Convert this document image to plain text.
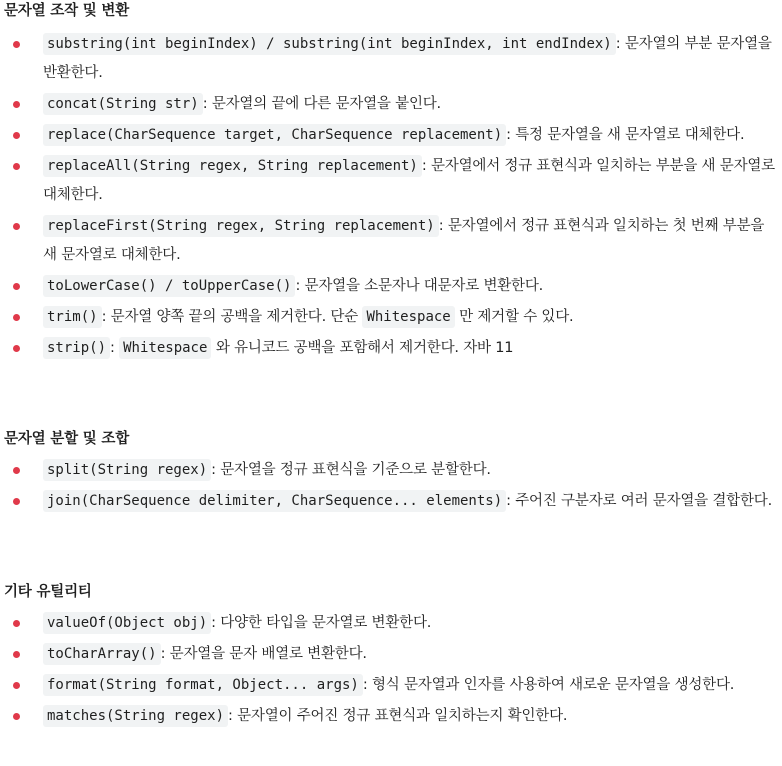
문자열 조작 및 변환
substring(int beginIndex) / substring(int beginIndex, int endIndex) : 문자열의 부분 문자열을 반환한다.
concat(String str) : 문자열의 끝에 다른 문자열을 붙인다.
replace(CharSequence target, CharSequence replacement) : 특정 문자열을 새 문자열로 대체한다.
replaceAll(String regex, String replacement) : 문자열에서 정규 표현식과 일치하는 부분을 새 문자열로 대체한다.
replaceFirst(String regex, String replacement) : 문자열에서 정규 표현식과 일치하는 첫 번째 부분을 새 문자열로 대체한다.
toLowerCase() / toUpperCase() : 문자열을 소문자나 대문자로 변환한다.
trim() : 문자열 양쪽 끝의 공백을 제거한다. 단순 Whitespace 만 제거할 수 있다.
strip() : Whitespace 와 유니코드 공백을 포함해서 제거한다. 자바 11
문자열 분할 및 조합
split(String regex) : 문자열을 정규 표현식을 기준으로 분할한다.
join(CharSequence delimiter, CharSequence... elements) : 주어진 구분자로 여러 문자열을 결합한다.
기타 유틸리티
valueOf(Object obj) : 다양한 타입을 문자열로 변환한다.
toCharArray() : 문자열을 문자 배열로 변환한다.
format(String format, Object... args) : 형식 문자열과 인자를 사용하여 새로운 문자열을 생성한다.
matches(String regex) : 문자열이 주어진 정규 표현식과 일치하는지 확인한다.
